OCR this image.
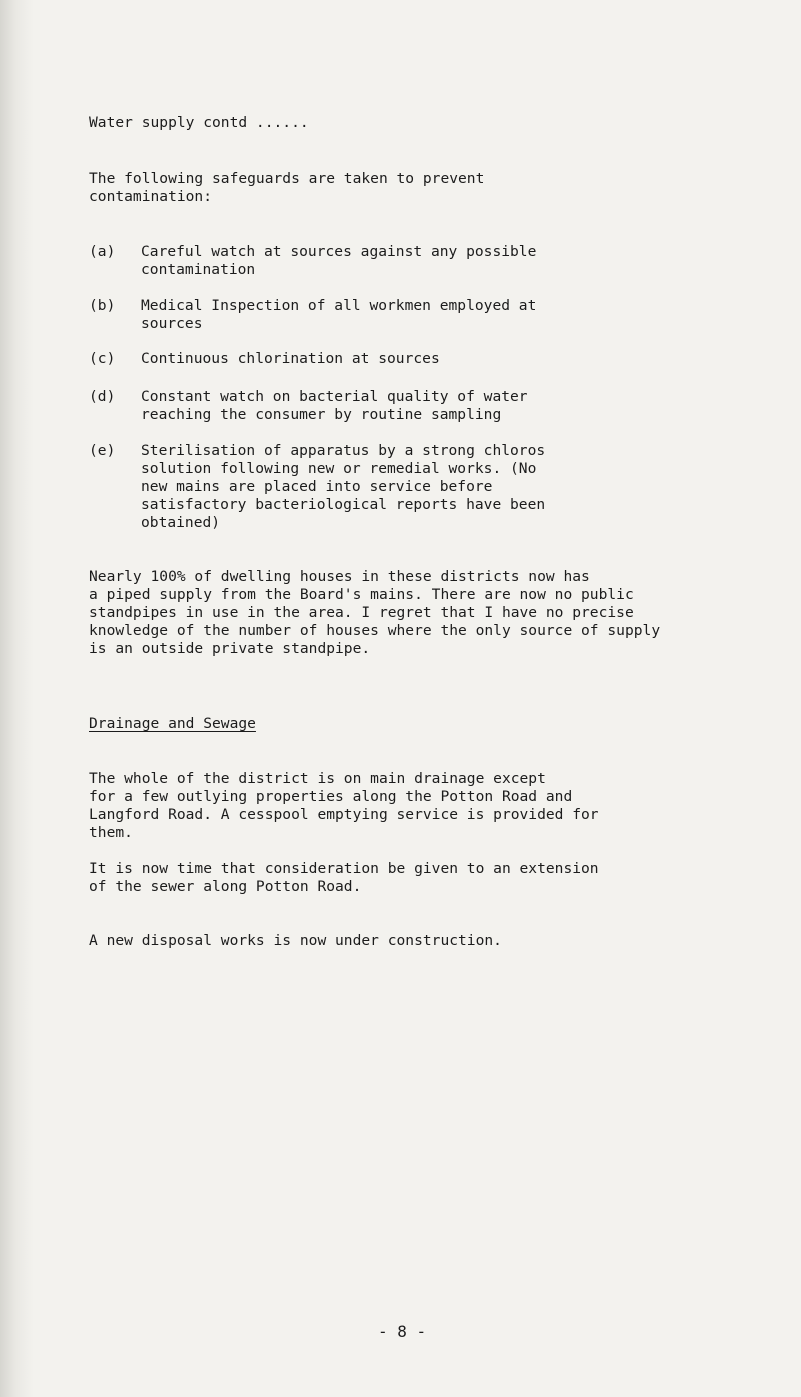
Water supply contd ......
The following safeguards are taken to prevent
contamination:
(a) Careful watch at sources against any possible
contamination
(b) Medical Inspection of all workmen employed at
sources
(c) Continuous chlorination at sources
(d) Constant watch on bacterial quality of water
reaching the consumer by routine sampling
(e) Sterilisation of apparatus by a strong chloros
solution following new or remedial works. (No
new mains are placed into service before
satisfactory bacteriological reports have been
obtained)
Nearly 100% of dwelling houses in these districts now has
a piped supply from the Board's mains. There are now no public
standpipes in use in the area. I regret that I have no precise
knowledge of the number of houses where the only source of supply
is an outside private standpipe.
Drainage and Sewage
The whole of the district is on main drainage except
for a few outlying properties along the Potton Road and
Langford Road. A cesspool emptying service is provided for
them.
It is now time that consideration be given to an extension
of the sewer along Potton Road.
A new disposal works is now under construction.
- 8 -
